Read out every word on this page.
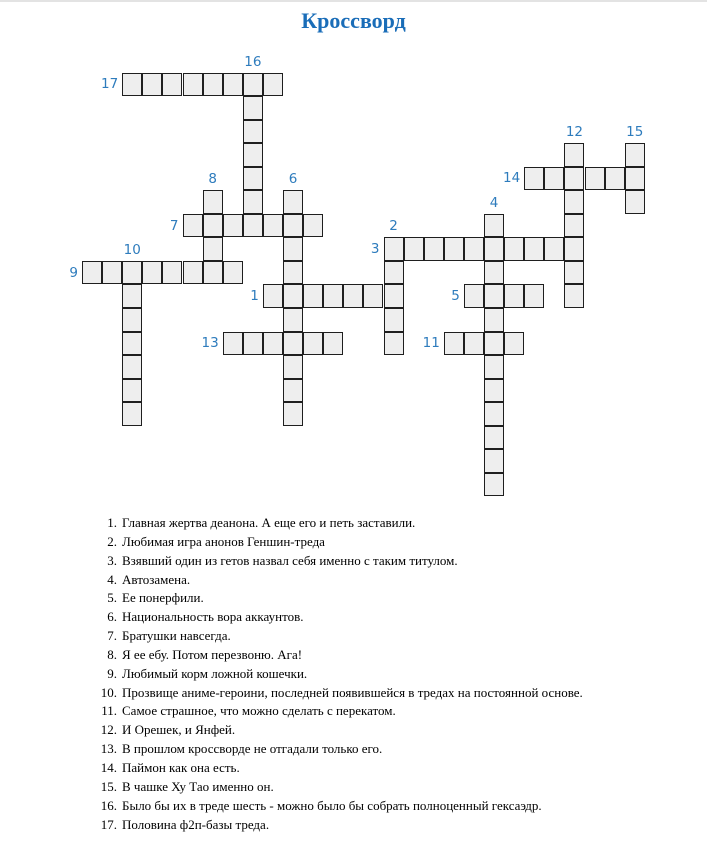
Кроссворд
1
2
3
4
5
6
7
8
9
10
11
12
13
14
15
16
17
1. Главная жертва деанона. А еще его и петь заставили.
2. Любимая игра анонов Геншин-треда
3. Взявший один из гетов назвал себя именно с таким титулом.
4. Автозамена.
5. Ее понерфили.
6. Национальность вора аккаунтов.
7. Братушки навсегда.
8. Я ее ебу. Потом перезвоню. Ага!
9. Любимый корм ложной кошечки.
10. Прозвище аниме-героини, последней появившейся в тредах на постоянной основе.
11. Самое страшное, что можно сделать с перекатом.
12. И Орешек, и Янфей.
13. В прошлом кроссворде не отгадали только его.
14. Паймон как она есть.
15. В чашке Ху Тао именно он.
16. Было бы их в треде шесть - можно было бы собрать полноценный гексаэдр.
17. Половина ф2п-базы треда.
